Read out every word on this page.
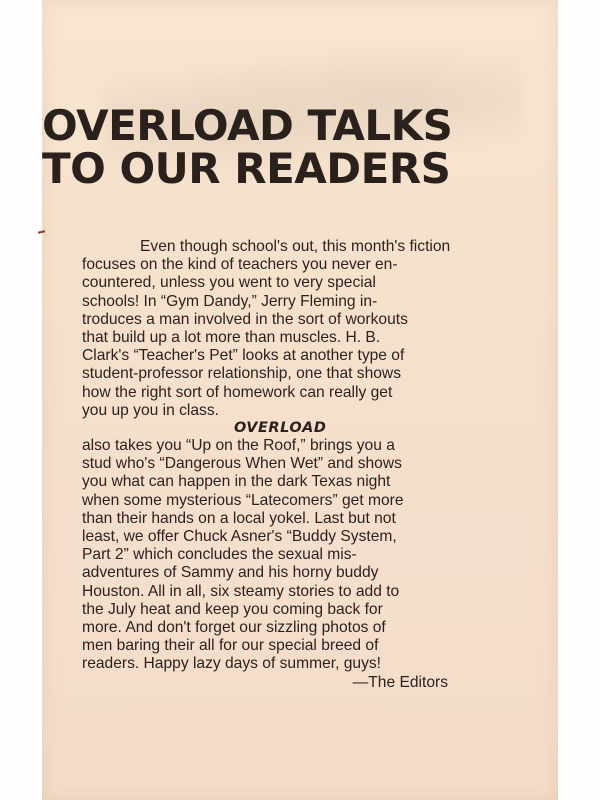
OVERLOAD TALKS
TO OUR READERS
Even though school's out, this month's fiction
focuses on the kind of teachers you never en-
countered, unless you went to very special
schools! In “Gym Dandy,” Jerry Fleming in-
troduces a man involved in the sort of workouts
that build up a lot more than muscles. H. B.
Clark's “Teacher's Pet” looks at another type of
student-professor relationship, one that shows
how the right sort of homework can really get
you up you in class.
OVERLOAD
also takes you “Up on the Roof,” brings you a
stud who's “Dangerous When Wet” and shows
you what can happen in the dark Texas night
when some mysterious “Latecomers” get more
than their hands on a local yokel. Last but not
least, we offer Chuck Asner's “Buddy System,
Part 2” which concludes the sexual mis-
adventures of Sammy and his horny buddy
Houston. All in all, six steamy stories to add to
the July heat and keep you coming back for
more. And don't forget our sizzling photos of
men baring their all for our special breed of
readers. Happy lazy days of summer, guys!
—The Editors
